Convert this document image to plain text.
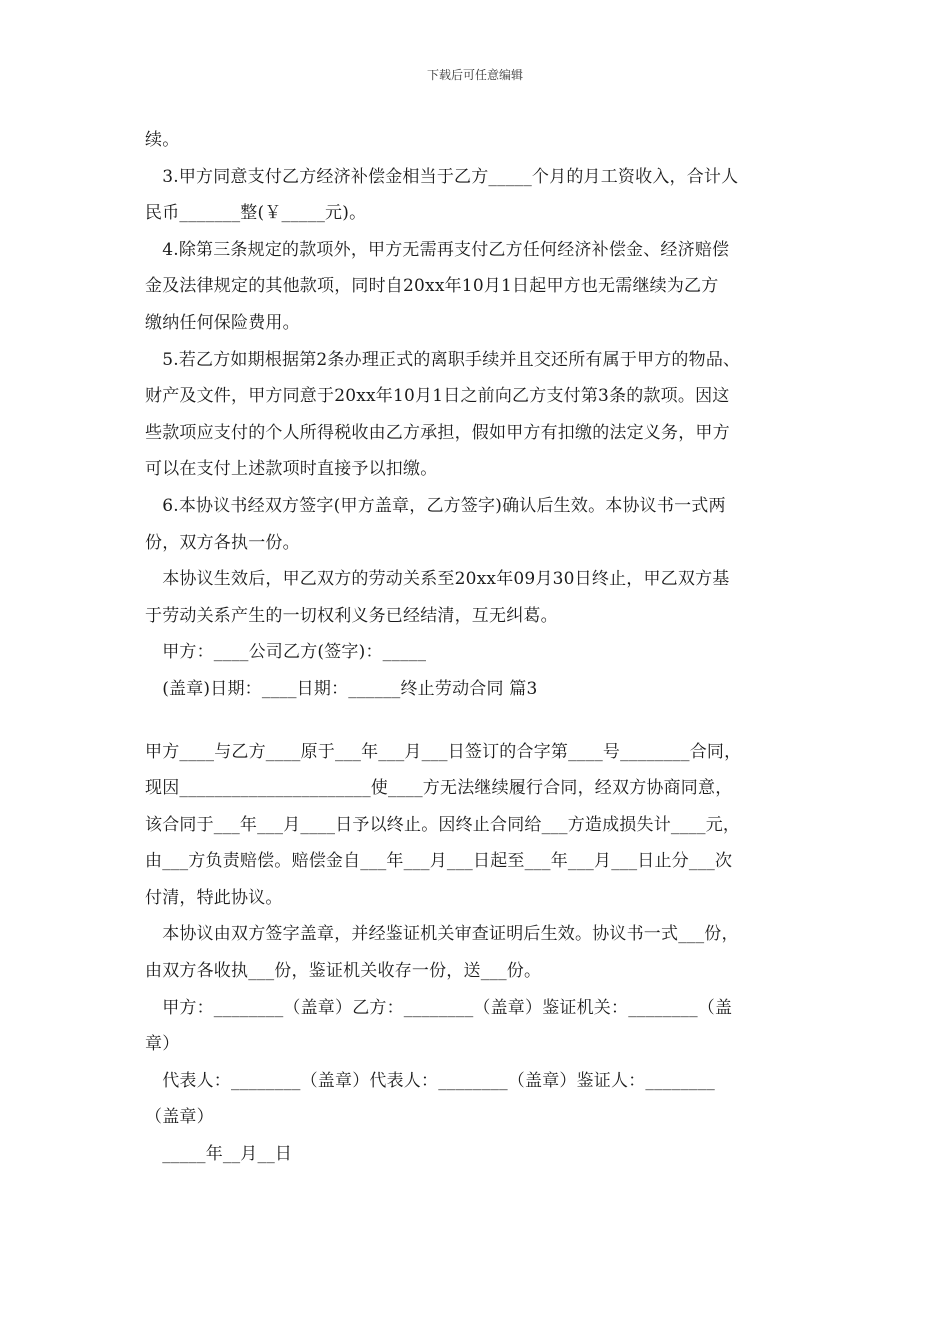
下载后可任意编辑
续。
　3.甲方同意支付乙方经济补偿金相当于乙方_____个月的月工资收入，合计人
民币_______整(￥_____元)。
　4.除第三条规定的款项外，甲方无需再支付乙方任何经济补偿金、经济赔偿
金及法律规定的其他款项，同时自20xx年10月1日起甲方也无需继续为乙方
缴纳任何保险费用。
　5.若乙方如期根据第2条办理正式的离职手续并且交还所有属于甲方的物品、
财产及文件，甲方同意于20xx年10月1日之前向乙方支付第3条的款项。因这
些款项应支付的个人所得税收由乙方承担，假如甲方有扣缴的法定义务，甲方
可以在支付上述款项时直接予以扣缴。
　6.本协议书经双方签字(甲方盖章，乙方签字)确认后生效。本协议书一式两
份，双方各执一份。
　本协议生效后，甲乙双方的劳动关系至20xx年09月30日终止，甲乙双方基
于劳动关系产生的一切权利义务已经结清，互无纠葛。
　甲方：____公司乙方(签字)：_____
　(盖章)日期：____日期：______终止劳动合同 篇3
甲方____与乙方____原于___年___月___日签订的合字第____号________合同，
现因______________________使____方无法继续履行合同，经双方协商同意，
该合同于___年___月____日予以终止。因终止合同给___方造成损失计____元，
由___方负责赔偿。赔偿金自___年___月___日起至___年___月___日止分___次
付清，特此协议。
　本协议由双方签字盖章，并经鉴证机关审查证明后生效。协议书一式___份，
由双方各收执___份，鉴证机关收存一份，送___份。
　甲方：________（盖章）乙方：________（盖章）鉴证机关：________（盖
章）
　代表人：________（盖章）代表人：________（盖章）鉴证人：________
（盖章）
　_____年__月__日
